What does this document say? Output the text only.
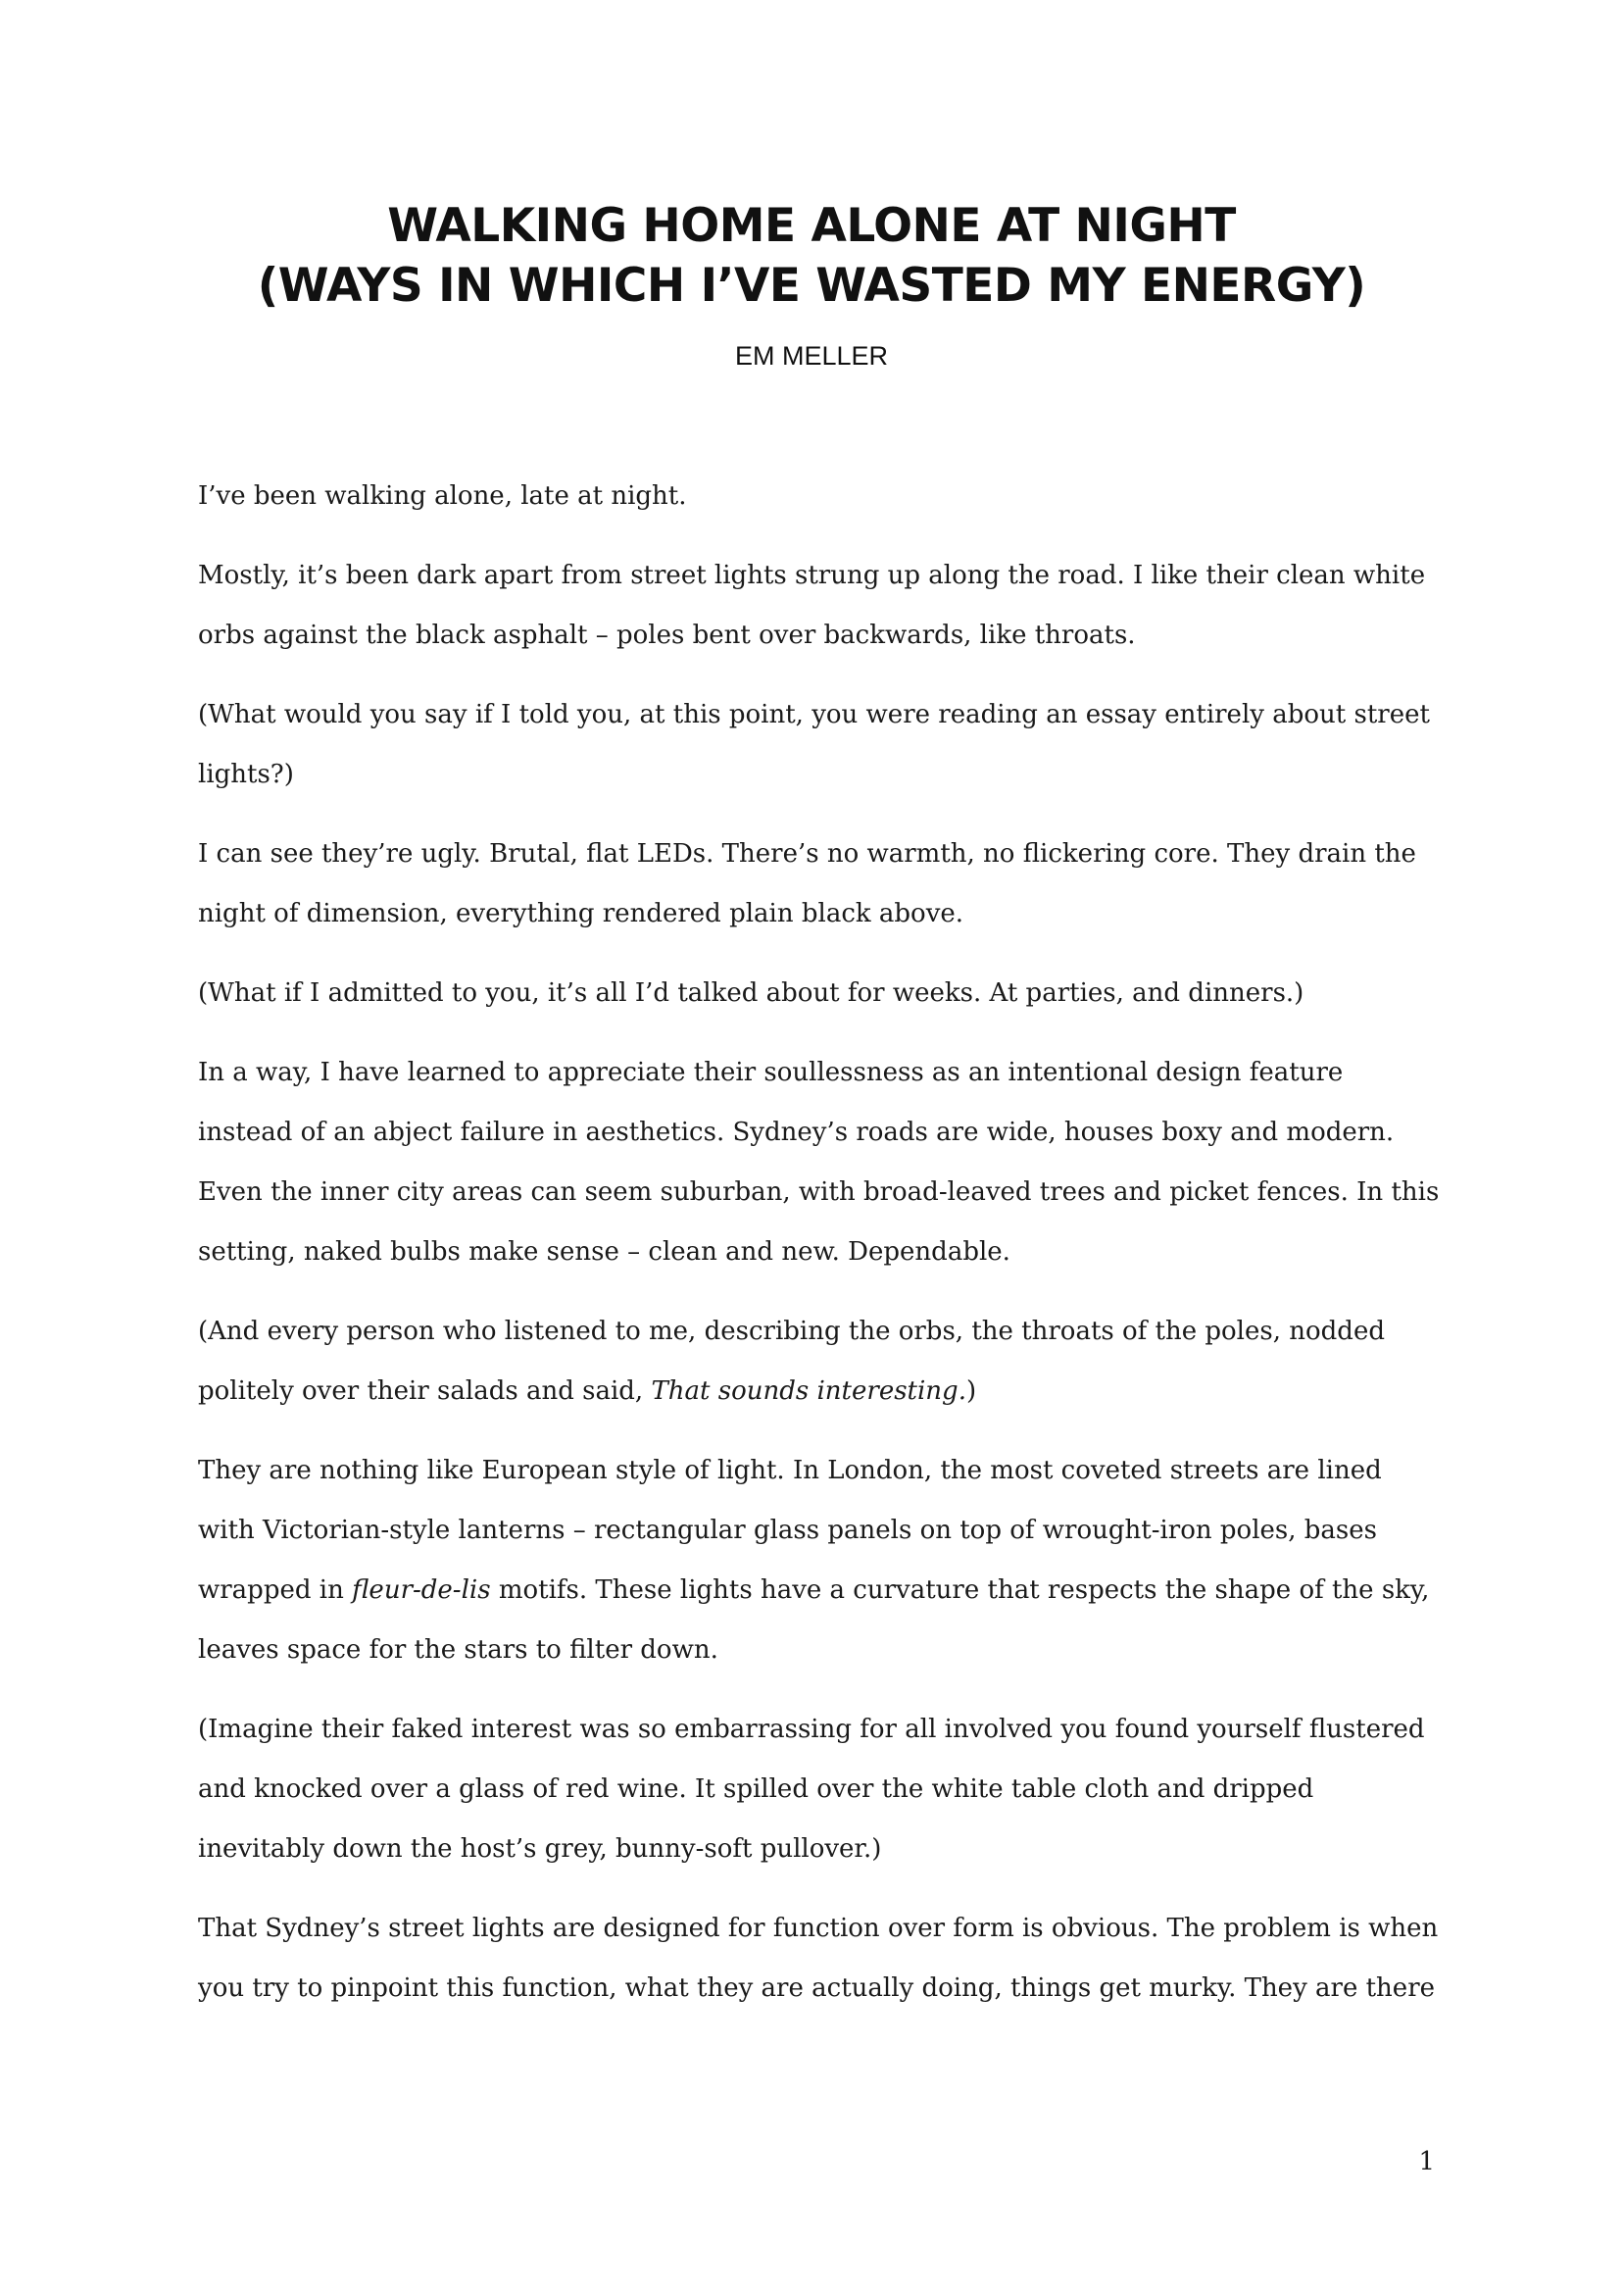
WALKING HOME ALONE AT NIGHT
(WAYS IN WHICH I’VE WASTED MY ENERGY)
EM MELLER

I’ve been walking alone, late at night.

Mostly, it’s been dark apart from street lights strung up along the road. I like their clean white orbs against the black asphalt – poles bent over backwards, like throats.

(What would you say if I told you, at this point, you were reading an essay entirely about street lights?)

I can see they’re ugly. Brutal, flat LEDs. There’s no warmth, no flickering core. They drain the night of dimension, everything rendered plain black above.

(What if I admitted to you, it’s all I’d talked about for weeks. At parties, and dinners.)

In a way, I have learned to appreciate their soullessness as an intentional design feature instead of an abject failure in aesthetics. Sydney’s roads are wide, houses boxy and modern. Even the inner city areas can seem suburban, with broad-leaved trees and picket fences. In this setting, naked bulbs make sense – clean and new. Dependable.

(And every person who listened to me, describing the orbs, the throats of the poles, nodded politely over their salads and said, That sounds interesting.)

They are nothing like European style of light. In London, the most coveted streets are lined with Victorian-style lanterns – rectangular glass panels on top of wrought-iron poles, bases wrapped in fleur-de-lis motifs. These lights have a curvature that respects the shape of the sky, leaves space for the stars to filter down.

(Imagine their faked interest was so embarrassing for all involved you found yourself flustered and knocked over a glass of red wine. It spilled over the white table cloth and dripped inevitably down the host’s grey, bunny-soft pullover.)

That Sydney’s street lights are designed for function over form is obvious. The problem is when you try to pinpoint this function, what they are actually doing, things get murky. They are there

1
